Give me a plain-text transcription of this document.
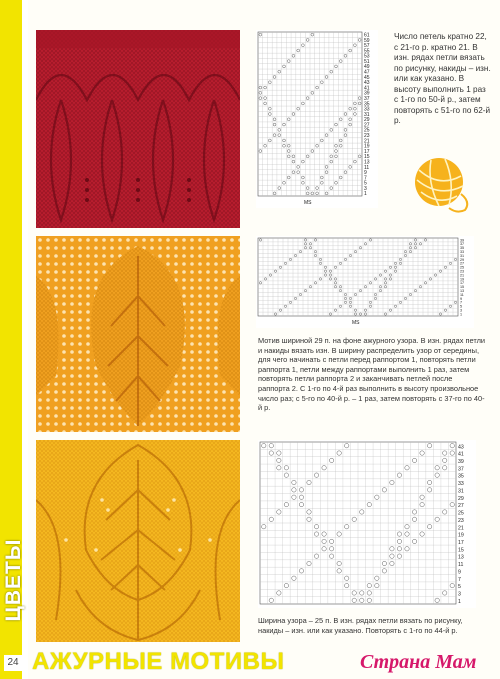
ЦВЕТЫ
24 АЖУРНЫЕ МОТИВЫ	Страна Мам
61
59
57
55
53
51
49
47
45
43
41
39
37
35
33
31
29
27
25
23
21
19
17
15
13
11
9
7
5
3
1
MS
39
37
35
33
31
29
27
25
23
21
19
17
15
13
11
9
7
5
3
1
MS
43
41
39
37
35
33
31
29
27
25
23
21
19
17
15
13
11
9
7
5
3
1

Число петель кратно 22, с 21-го р. кратно 21. В изн. рядах петли вязать по рисунку, накиды – изн. или как указано. В высоту выполнить 1 раз с 1-го по 50-й р., затем повторять с 51-го по 62-й р.

Мотив шириной 29 п. на фоне ажурного узора. В изн. рядах петли и накиды вязать изн. В ширину распределить узор от середины, для чего начинать с петли перед раппортом 1, повторять петли раппорта 1, петли между раппортами выполнить 1 раз, затем повторять петли раппорта 2 и заканчивать петлей после раппорта 2. С 1-го по 4-й раз выполнить в высоту произвольное число раз; с 5-го по 40-й р. – 1 раз, затем повторять с 37-го по 40-й р.

Ширина узора – 25 п. В изн. рядах петли вязать по рисунку, накиды – изн. или как указано. Повторять с 1-го по 44-й р.
